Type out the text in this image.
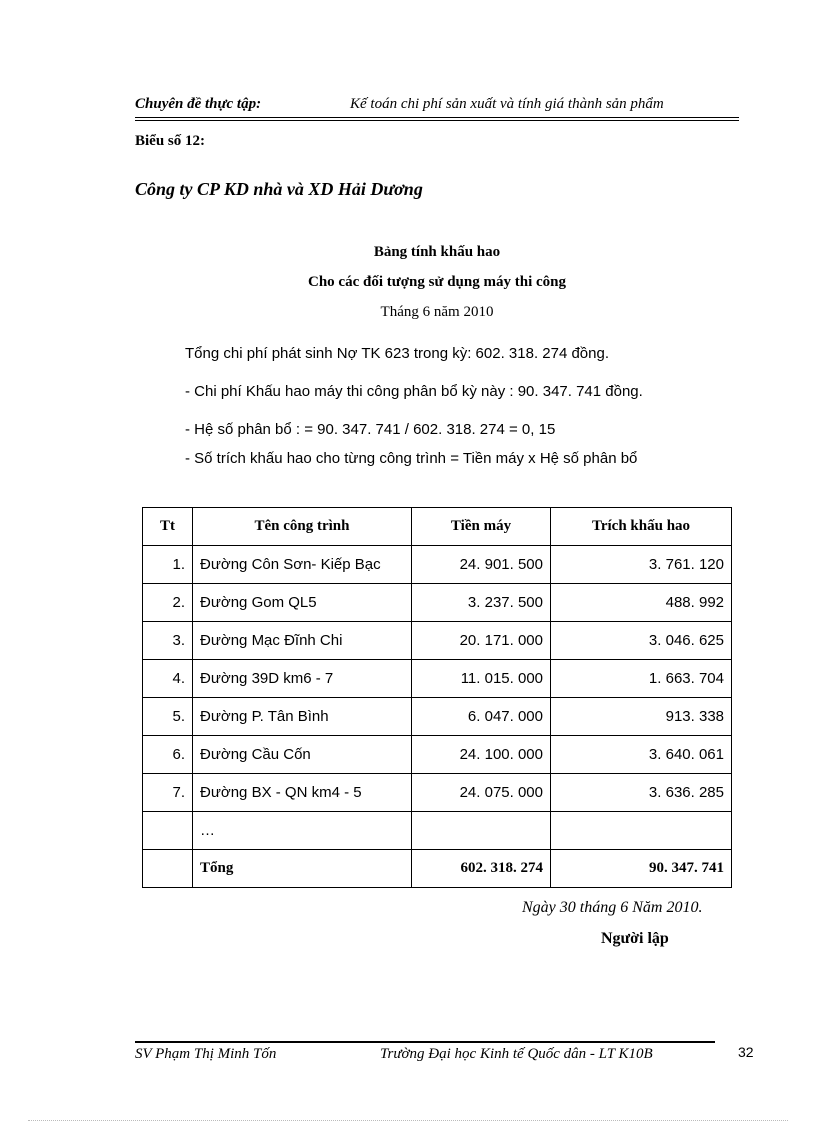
Chuyên đề thực tập:	Kế toán chi phí sản xuất và tính giá thành sản phẩm
Biểu số 12:
Công ty CP KD nhà và XD Hải Dương
Bảng tính khấu hao
Cho các đối tượng sử dụng máy thi công
Tháng 6 năm 2010
Tổng chi phí phát sinh Nợ TK 623 trong kỳ: 602. 318. 274 đồng.
- Chi phí Khấu hao máy thi công phân bổ kỳ này : 90. 347. 741 đồng.
- Hệ số phân bổ : = 90. 347. 741 / 602. 318. 274 = 0, 15
- Số trích khấu hao cho từng công trình = Tiền máy x Hệ số phân bổ
Tt	Tên công trình	Tiền máy	Trích khấu hao
1.	Đường Côn Sơn- Kiếp Bạc	24. 901. 500	3. 761. 120
2.	Đường Gom QL5	3. 237. 500	488. 992
3.	Đường Mạc Đĩnh Chi	20. 171. 000	3. 046. 625
4.	Đường 39D km6 - 7	11. 015. 000	1. 663. 704
5.	Đường P. Tân Bình	6. 047. 000	913. 338
6.	Đường Cầu Cốn	24. 100. 000	3. 640. 061
7.	Đường BX - QN km4 - 5	24. 075. 000	3. 636. 285
	…		
	Tổng	602. 318. 274	90. 347. 741
Ngày 30 tháng 6 Năm 2010.
Người lập
SV Phạm Thị Minh Tốn	Trường Đại học Kinh tế Quốc dân - LT K10B	32
